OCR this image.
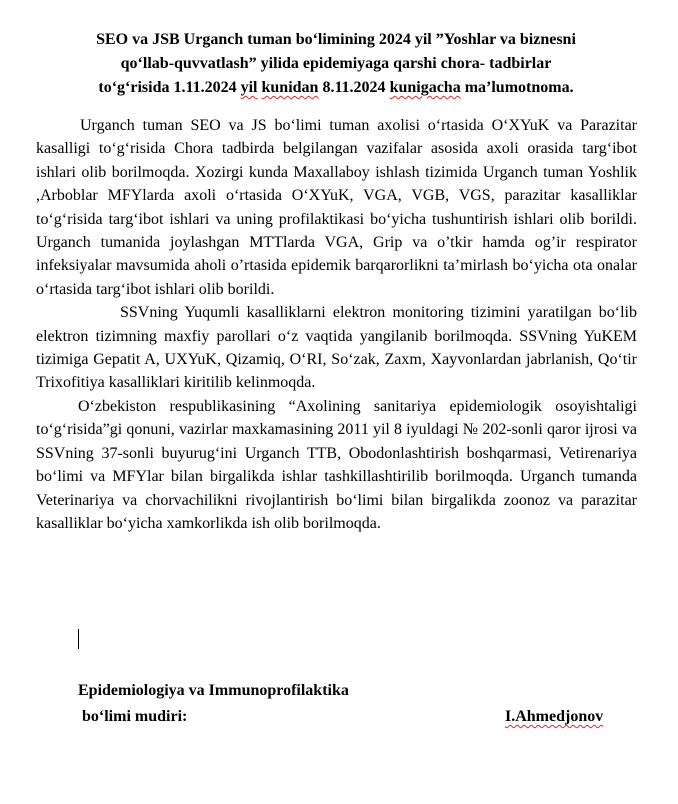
SEO va JSB Urganch tuman bo‘limining 2024 yil ”Yoshlar va biznesni
qo‘llab-quvvatlash” yilida epidemiyaga qarshi chora- tadbirlar
to‘g‘risida 1.11.2024 yil kunidan 8.11.2024 kunigacha ma’lumotnoma.

Urganch tuman SEO va JS bo‘limi tuman axolisi o‘rtasida O‘XYuK va Parazitar kasalligi to‘g‘risida Chora tadbirda belgilangan vazifalar asosida axoli orasida targ‘ibot ishlari olib borilmoqda. Xozirgi kunda Maxallaboy ishlash tizimida Urganch tuman Yoshlik ,Arboblar MFYlarda axoli o‘rtasida O‘XYuK, VGA, VGB, VGS, parazitar kasalliklar to‘g‘risida targ‘ibot ishlari va uning profilaktikasi bo‘yicha tushuntirish ishlari olib borildi. Urganch tumanida joylashgan MTTlarda VGA, Grip va o’tkir hamda og’ir respirator infeksiyalar mavsumida aholi o’rtasida epidemik barqarorlikni ta’mirlash bo‘yicha ota onalar o‘rtasida targ‘ibot ishlari olib borildi.

SSVning Yuqumli kasalliklarni elektron monitoring tizimini yaratilgan bo‘lib elektron tizimning maxfiy parollari o‘z vaqtida yangilanib borilmoqda. SSVning YuKEM tizimiga Gepatit A, UXYuK, Qizamiq, O‘RI, So‘zak, Zaxm, Xayvonlardan jabrlanish, Qo‘tir Trixofitiya kasalliklari kiritilib kelinmoqda.

O‘zbekiston respublikasining “Axolining sanitariya epidemiologik osoyishtaligi to‘g‘risida”gi qonuni, vazirlar maxkamasining 2011 yil 8 iyuldagi № 202-sonli qaror ijrosi va SSVning 37-sonli buyurug‘ini Urganch TTB, Obodonlashtirish boshqarmasi, Vetirenariya bo‘limi va MFYlar bilan birgalikda ishlar tashkillashtirilib borilmoqda. Urganch tumanda Veterinariya va chorvachilikni rivojlantirish bo‘limi bilan birgalikda zoonoz va parazitar kasalliklar bo‘yicha xamkorlikda ish olib borilmoqda.

Epidemiologiya va Immunoprofilaktika
bo‘limi mudiri:	I.Ahmedjonov
